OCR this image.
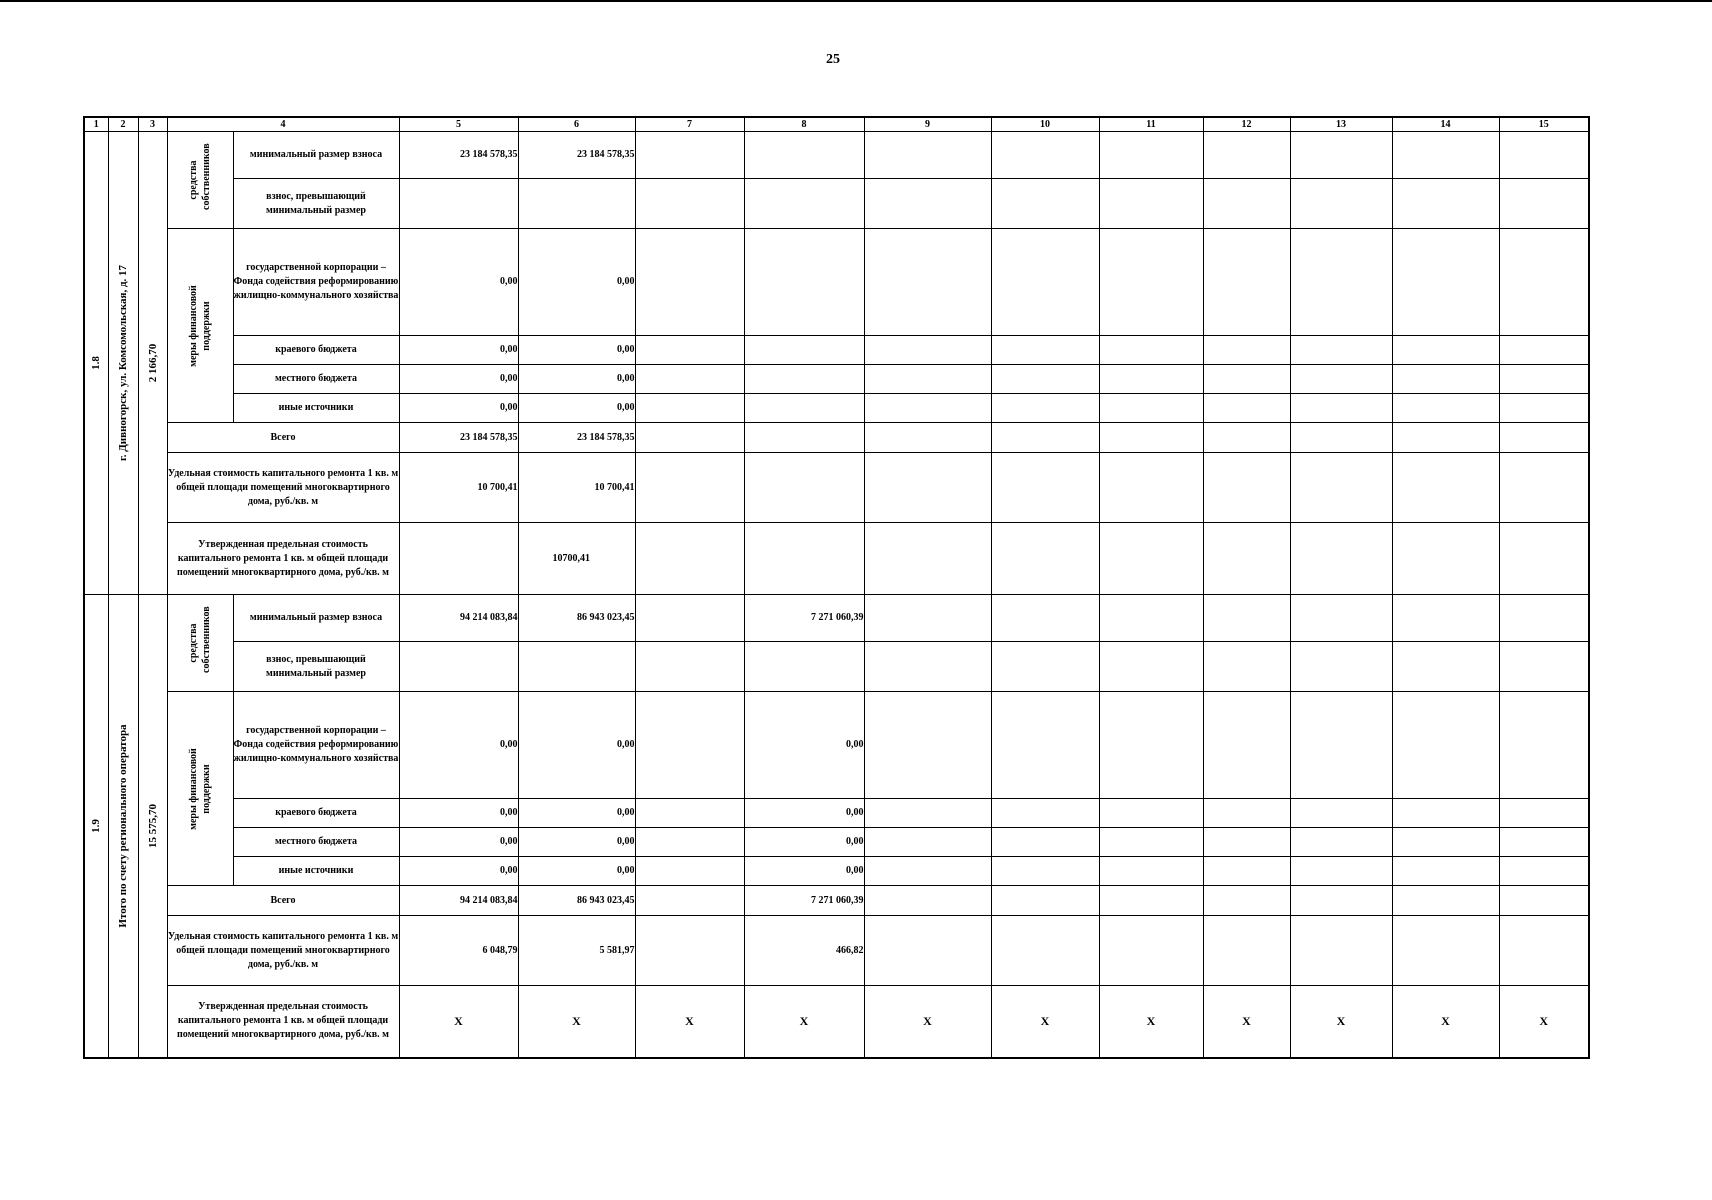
25
1	2	3	4		5	6	7	8	9	10	11	12	13	14	15

1.8	г. Дивногорск, ул. Комсомольская, д. 17	2 166,70	средства собственников	минимальный размер взноса	23 184 578,35	23 184 578,35									
				взнос, превышающий минимальный размер											

			меры финансовой поддержки	государственной корпорации – Фонда содействия реформированию жилищно-коммунального хозяйства	0,00	0,00									
				краевого бюджета	0,00	0,00									
				местного бюджета	0,00	0,00									
				иные источники	0,00	0,00									
			Всего		23 184 578,35	23 184 578,35									
			Удельная стоимость капитального ремонта 1 кв. м общей площади помещений многоквартирного дома, руб./кв. м		10 700,41	10 700,41									
			Утвержденная предельная стоимость капитального ремонта 1 кв. м общей площади помещений многоквартирного дома, руб./кв. м			10700,41									

1.9	Итого по счету регионального оператора	15 575,70	средства собственников	минимальный размер взноса	94 214 083,84	86 943 023,45		7 271 060,39							
				взнос, превышающий минимальный размер											

			меры финансовой поддержки	государственной корпорации – Фонда содействия реформированию жилищно-коммунального хозяйства	0,00	0,00		0,00							
				краевого бюджета	0,00	0,00		0,00							
				местного бюджета	0,00	0,00		0,00							
				иные источники	0,00	0,00		0,00							
			Всего		94 214 083,84	86 943 023,45		7 271 060,39							
			Удельная стоимость капитального ремонта 1 кв. м общей площади помещений многоквартирного дома, руб./кв. м		6 048,79	5 581,97		466,82							
			Утвержденная предельная стоимость капитального ремонта 1 кв. м общей площади помещений многоквартирного дома, руб./кв. м		X	X	X	X	X	X	X	X	X	X	X
